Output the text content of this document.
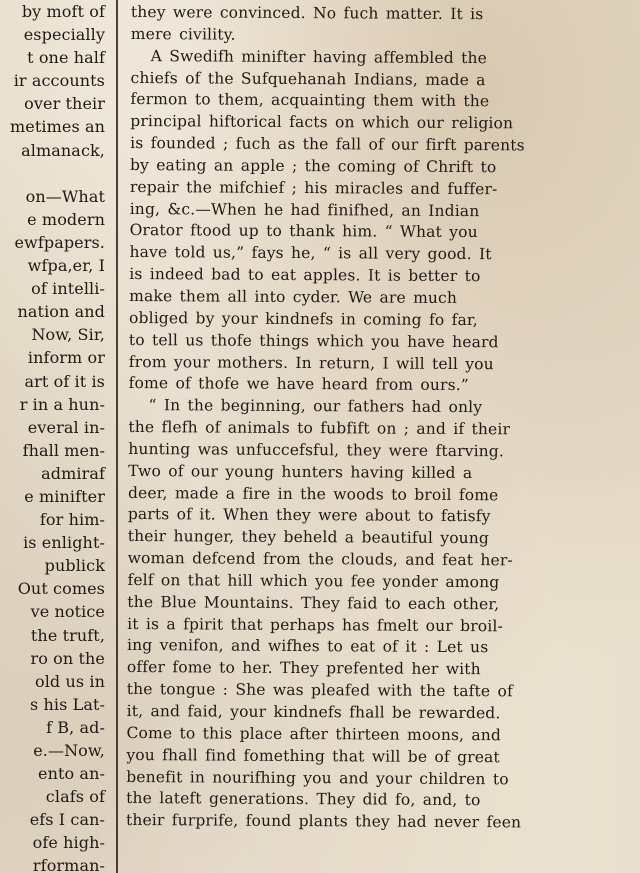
by moft of
especially
t one half
ir accounts
over their
metimes an
almanack,
on—What
e modern
ewfpapers.
wfpa,er, I
of intelli-
nation and
Now, Sir,
inform or
art of it is
r in a hun-
everal in-
fhall men-
admiraf
e minifter
for him-
is enlight-
publick
Out comes
ve notice
the truft,
ro on the
old us in
s his Lat-
f B, ad-
e.—Now,
ento an-
clafs of
efs I can-
ofe high-
rforman-
they were convinced. No fuch matter. It is
mere civility.
A Swedifh minifter having affembled the
chiefs of the Sufquehanah Indians, made a
fermon to them, acquainting them with the
principal hiftorical facts on which our religion
is founded ; fuch as the fall of our firft parents
by eating an apple ; the coming of Chrift to
repair the mifchief ; his miracles and fuffer-
ing, &c.—When he had finifhed, an Indian
Orator ftood up to thank him. “ What you
have told us,” fays he, “ is all very good. It
is indeed bad to eat apples. It is better to
make them all into cyder. We are much
obliged by your kindnefs in coming fo far,
to tell us thofe things which you have heard
from your mothers. In return, I will tell you
fome of thofe we have heard from ours.”
“ In the beginning, our fathers had only
the flefh of animals to fubfift on ; and if their
hunting was unfuccefsful, they were ftarving.
Two of our young hunters having killed a
deer, made a fire in the woods to broil fome
parts of it. When they were about to fatisfy
their hunger, they beheld a beautiful young
woman defcend from the clouds, and feat her-
felf on that hill which you fee yonder among
the Blue Mountains. They faid to each other,
it is a fpirit that perhaps has fmelt our broil-
ing venifon, and wifhes to eat of it : Let us
offer fome to her. They prefented her with
the tongue : She was pleafed with the tafte of
it, and faid, your kindnefs fhall be rewarded.
Come to this place after thirteen moons, and
you fhall find fomething that will be of great
benefit in nourifhing you and your children to
the lateft generations. They did fo, and, to
their furprife, found plants they had never feen
